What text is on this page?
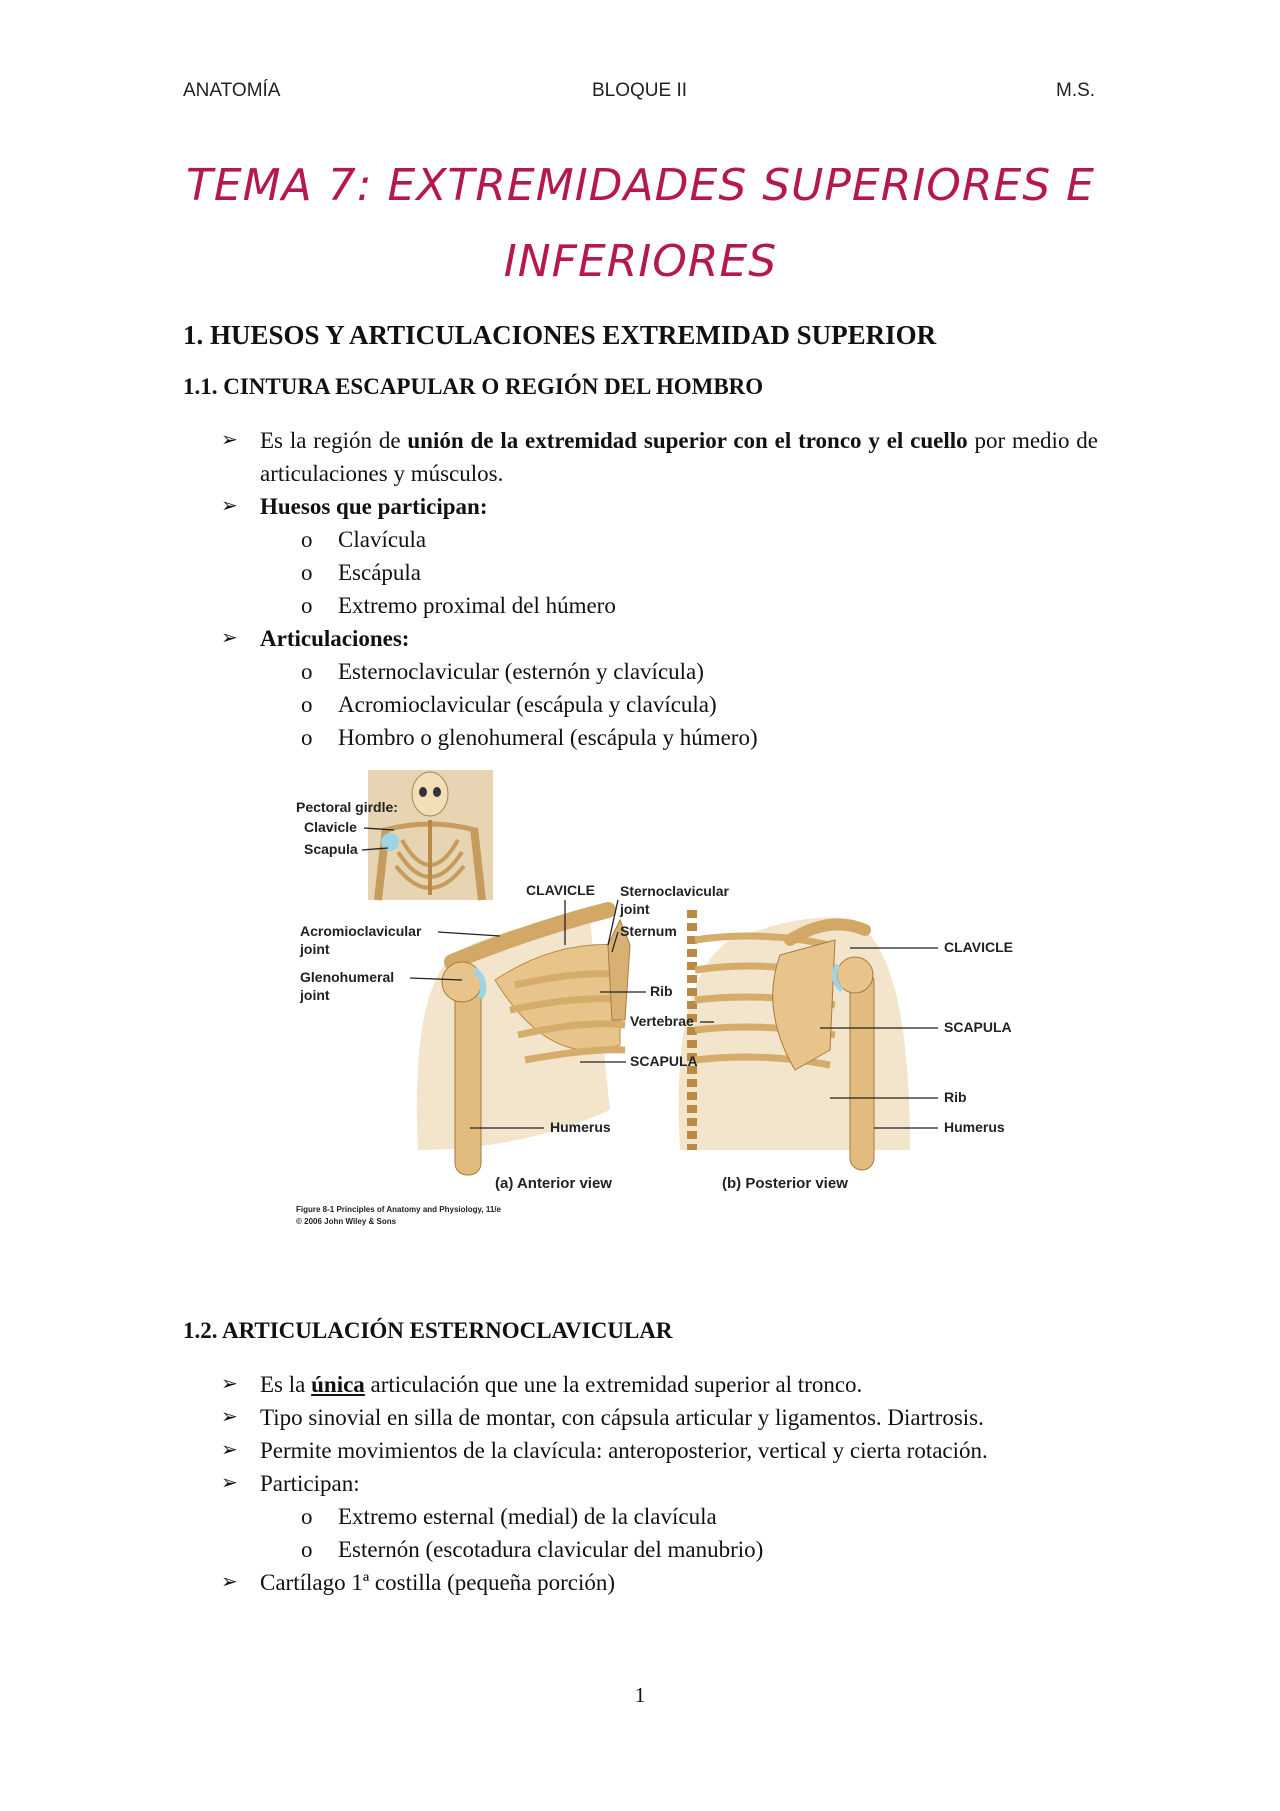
ANATOMÍA	BLOQUE II	M.S.
TEMA 7: EXTREMIDADES SUPERIORES E
INFERIORES
1. HUESOS Y ARTICULACIONES EXTREMIDAD SUPERIOR
1.1. CINTURA ESCAPULAR O REGIÓN DEL HOMBRO
➢ Es la región de unión de la extremidad superior con el tronco y el cuello por medio de articulaciones y músculos.
➢ Huesos que participan:
o Clavícula
o Escápula
o Extremo proximal del húmero
➢ Articulaciones:
o Esternoclavicular (esternón y clavícula)
o Acromioclavicular (escápula y clavícula)
o Hombro o glenohumeral (escápula y húmero)
Pectoral girdle:
Clavicle
Scapula
CLAVICLE Sternoclavicular
joint
Sternum
Acromioclavicular
joint
Glenohumeral
joint	Rib
Vertebrae
SCAPULA
Humerus
CLAVICLE
SCAPULA
Rib
Humerus
(a) Anterior view	(b) Posterior view
Figure 8-1 Principles of Anatomy and Physiology, 11/e
© 2006 John Wiley & Sons
1.2. ARTICULACIÓN ESTERNOCLAVICULAR
➢ Es la única articulación que une la extremidad superior al tronco.
➢ Tipo sinovial en silla de montar, con cápsula articular y ligamentos. Diartrosis.
➢ Permite movimientos de la clavícula: anteroposterior, vertical y cierta rotación.
➢ Participan:
o Extremo esternal (medial) de la clavícula
o Esternón (escotadura clavicular del manubrio)
➢ Cartílago 1ª costilla (pequeña porción)
1
